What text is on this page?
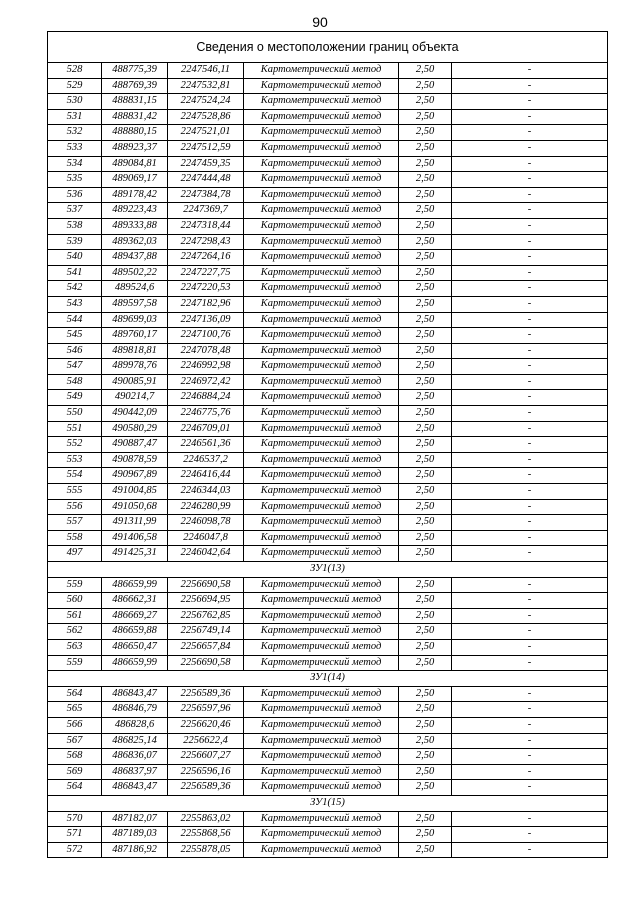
90
Сведения о местоположении границ объекта					
528	488775,39	2247546,11	Картометрический метод	2,50	-
529	488769,39	2247532,81	Картометрический метод	2,50	-
530	488831,15	2247524,24	Картометрический метод	2,50	-
531	488831,42	2247528,86	Картометрический метод	2,50	-
532	488880,15	2247521,01	Картометрический метод	2,50	-
533	488923,37	2247512,59	Картометрический метод	2,50	-
534	489084,81	2247459,35	Картометрический метод	2,50	-
535	489069,17	2247444,48	Картометрический метод	2,50	-
536	489178,42	2247384,78	Картометрический метод	2,50	-
537	489223,43	2247369,7	Картометрический метод	2,50	-
538	489333,88	2247318,44	Картометрический метод	2,50	-
539	489362,03	2247298,43	Картометрический метод	2,50	-
540	489437,88	2247264,16	Картометрический метод	2,50	-
541	489502,22	2247227,75	Картометрический метод	2,50	-
542	489524,6	2247220,53	Картометрический метод	2,50	-
543	489597,58	2247182,96	Картометрический метод	2,50	-
544	489699,03	2247136,09	Картометрический метод	2,50	-
545	489760,17	2247100,76	Картометрический метод	2,50	-
546	489818,81	2247078,48	Картометрический метод	2,50	-
547	489978,76	2246992,98	Картометрический метод	2,50	-
548	490085,91	2246972,42	Картометрический метод	2,50	-
549	490214,7	2246884,24	Картометрический метод	2,50	-
550	490442,09	2246775,76	Картометрический метод	2,50	-
551	490580,29	2246709,01	Картометрический метод	2,50	-
552	490887,47	2246561,36	Картометрический метод	2,50	-
553	490878,59	2246537,2	Картометрический метод	2,50	-
554	490967,89	2246416,44	Картометрический метод	2,50	-
555	491004,85	2246344,03	Картометрический метод	2,50	-
556	491050,68	2246280,99	Картометрический метод	2,50	-
557	491311,99	2246098,78	Картометрический метод	2,50	-
558	491406,58	2246047,8	Картометрический метод	2,50	-
497	491425,31	2246042,64	Картометрический метод	2,50	-
ЗУ1(13)					
559	486659,99	2256690,58	Картометрический метод	2,50	-
560	486662,31	2256694,95	Картометрический метод	2,50	-
561	486669,27	2256762,85	Картометрический метод	2,50	-
562	486659,88	2256749,14	Картометрический метод	2,50	-
563	486650,47	2256657,84	Картометрический метод	2,50	-
559	486659,99	2256690,58	Картометрический метод	2,50	-
ЗУ1(14)					
564	486843,47	2256589,36	Картометрический метод	2,50	-
565	486846,79	2256597,96	Картометрический метод	2,50	-
566	486828,6	2256620,46	Картометрический метод	2,50	-
567	486825,14	2256622,4	Картометрический метод	2,50	-
568	486836,07	2256607,27	Картометрический метод	2,50	-
569	486837,97	2256596,16	Картометрический метод	2,50	-
564	486843,47	2256589,36	Картометрический метод	2,50	-
ЗУ1(15)					
570	487182,07	2255863,02	Картометрический метод	2,50	-
571	487189,03	2255868,56	Картометрический метод	2,50	-
572	487186,92	2255878,05	Картометрический метод	2,50	-
